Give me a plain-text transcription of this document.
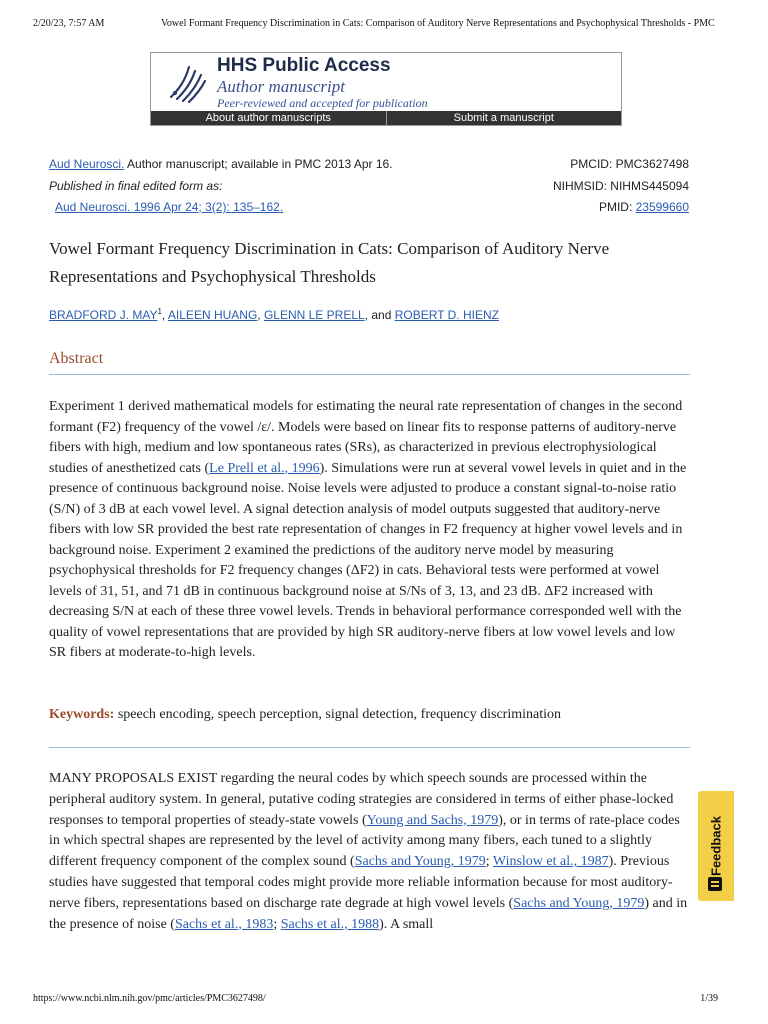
2/20/23, 7:57 AM	Vowel Formant Frequency Discrimination in Cats: Comparison of Auditory Nerve Representations and Psychophysical Thresholds - PMC
HHS Public Access
Author manuscript
Peer-reviewed and accepted for publication
About author manuscripts	Submit a manuscript
Aud Neurosci. Author manuscript; available in PMC 2013 Apr 16.
Published in final edited form as:
Aud Neurosci. 1996 Apr 24; 3(2): 135–162.
PMCID: PMC3627498
NIHMSID: NIHMS445094
PMID: 23599660
Vowel Formant Frequency Discrimination in Cats: Comparison of Auditory Nerve Representations and Psychophysical Thresholds
BRADFORD J. MAY$^1$, AILEEN HUANG, GLENN LE PRELL, and ROBERT D. HIENZ
Abstract
Experiment 1 derived mathematical models for estimating the neural rate representation of changes in the second formant (F2) frequency of the vowel /ε/. Models were based on linear fits to response patterns of auditory-nerve fibers with high, medium and low spontaneous rates (SRs), as characterized in previous electrophysiological studies of anesthetized cats (Le Prell et al., 1996). Simulations were run at several vowel levels in quiet and in the presence of continuous background noise. Noise levels were adjusted to produce a constant signal-to-noise ratio (S/N) of 3 dB at each vowel level. A signal detection analysis of model outputs suggested that auditory-nerve fibers with low SR provided the best rate representation of changes in F2 frequency at higher vowel levels and in background noise. Experiment 2 examined the predictions of the auditory nerve model by measuring psychophysical thresholds for F2 frequency changes (ΔF2) in cats. Behavioral tests were performed at vowel levels of 31, 51, and 71 dB in continuous background noise at S/Ns of 3, 13, and 23 dB. ΔF2 increased with decreasing S/N at each of these three vowel levels. Trends in behavioral performance corresponded well with the quality of vowel representations that are provided by high SR auditory-nerve fibers at low vowel levels and low SR fibers at moderate-to-high levels.
Keywords: speech encoding, speech perception, signal detection, frequency discrimination
MANY PROPOSALS EXIST regarding the neural codes by which speech sounds are processed within the peripheral auditory system. In general, putative coding strategies are considered in terms of either phase-locked responses to temporal properties of steady-state vowels (Young and Sachs, 1979), or in terms of rate-place codes in which spectral shapes are represented by the level of activity among many fibers, each tuned to a slightly different frequency component of the complex sound (Sachs and Young, 1979; Winslow et al., 1987). Previous studies have suggested that temporal codes might provide more reliable information because for most auditory-nerve fibers, representations based on discharge rate degrade at high vowel levels (Sachs and Young, 1979) and in the presence of noise (Sachs et al., 1983; Sachs et al., 1988). A small
Feedback
https://www.ncbi.nlm.nih.gov/pmc/articles/PMC3627498/	1/39
